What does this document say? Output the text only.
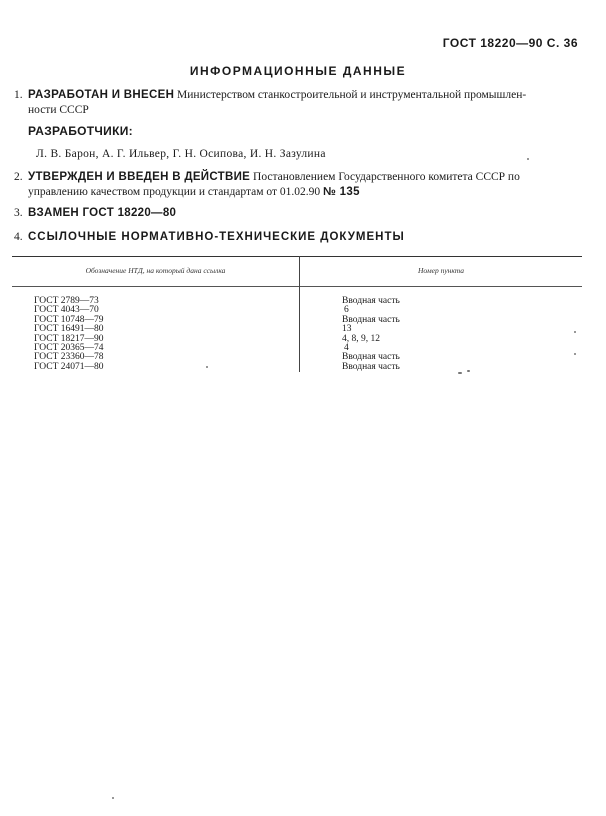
ГОСТ 18220—90 С. 36
ИНФОРМАЦИОННЫЕ ДАННЫЕ
1. РАЗРАБОТАН И ВНЕСЕН Министерством станкостроительной и инструментальной промышлен-
ности СССР
РАЗРАБОТЧИКИ:
Л. В. Барон, А. Г. Ильвер, Г. Н. Осипова, И. Н. Зазулина
2. УТВЕРЖДЕН И ВВЕДЕН В ДЕЙСТВИЕ Постановлением Государственного комитета СССР по
управлению качеством продукции и стандартам от 01.02.90 № 135
3. ВЗАМЕН ГОСТ 18220—80
4. ССЫЛОЧНЫЕ НОРМАТИВНО-ТЕХНИЧЕСКИЕ ДОКУМЕНТЫ
Обозначение НТД, на который дана ссылка	Номер пункта
ГОСТ 2789—73
ГОСТ 4043—70
ГОСТ 10748—79
ГОСТ 16491—80
ГОСТ 18217—90
ГОСТ 20365—74
ГОСТ 23360—78
ГОСТ 24071—80
Вводная часть
6
Вводная часть
13
4, 8, 9, 12
4
Вводная часть
Вводная часть
